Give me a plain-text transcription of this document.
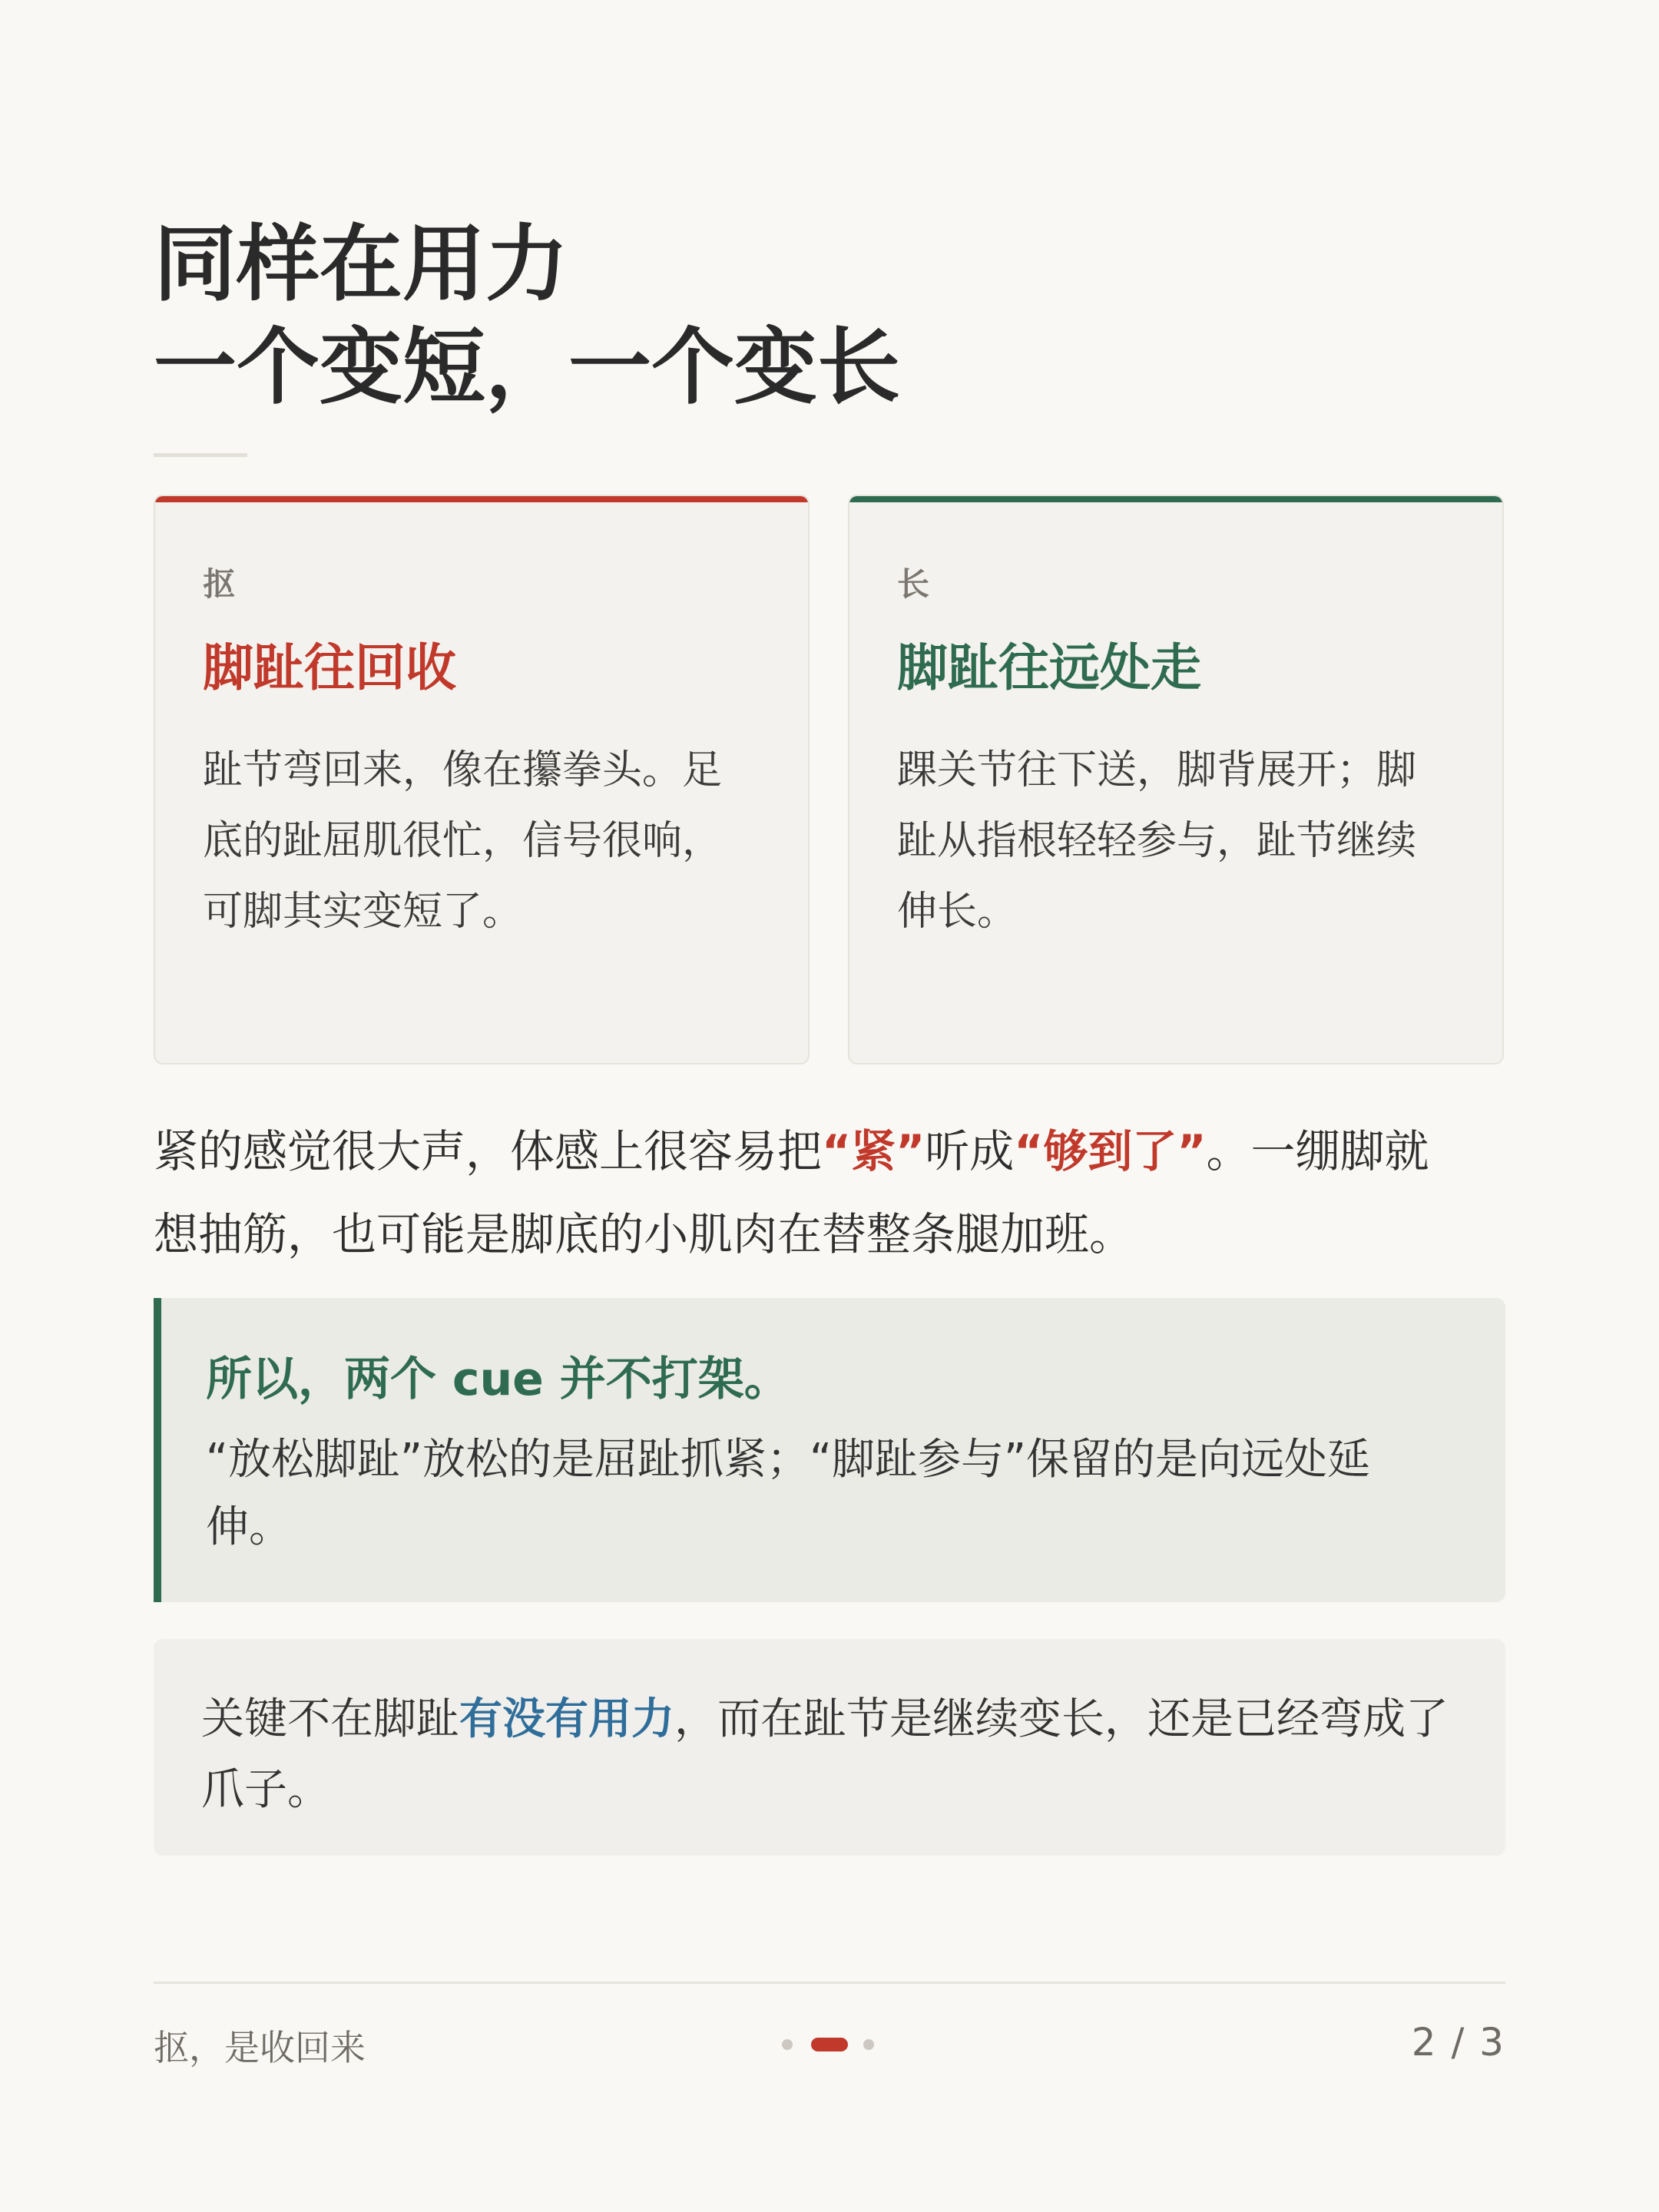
同样在用力
一个变短，一个变长
抠
脚趾往回收
趾节弯回来，像在攥拳头。足
底的趾屈肌很忙，信号很响，
可脚其实变短了。
长
脚趾往远处走
踝关节往下送，脚背展开；脚
趾从指根轻轻参与，趾节继续
伸长。
紧的感觉很大声，体感上很容易把“紧”听成“够到了”。一绷脚就
想抽筋，也可能是脚底的小肌肉在替整条腿加班。
所以，两个 cue 并不打架。
“放松脚趾”放松的是屈趾抓紧；“脚趾参与”保留的是向远处延
伸。
关键不在脚趾有没有用力，而在趾节是继续变长，还是已经弯成了
爪子。
抠，是收回来	2 / 3
